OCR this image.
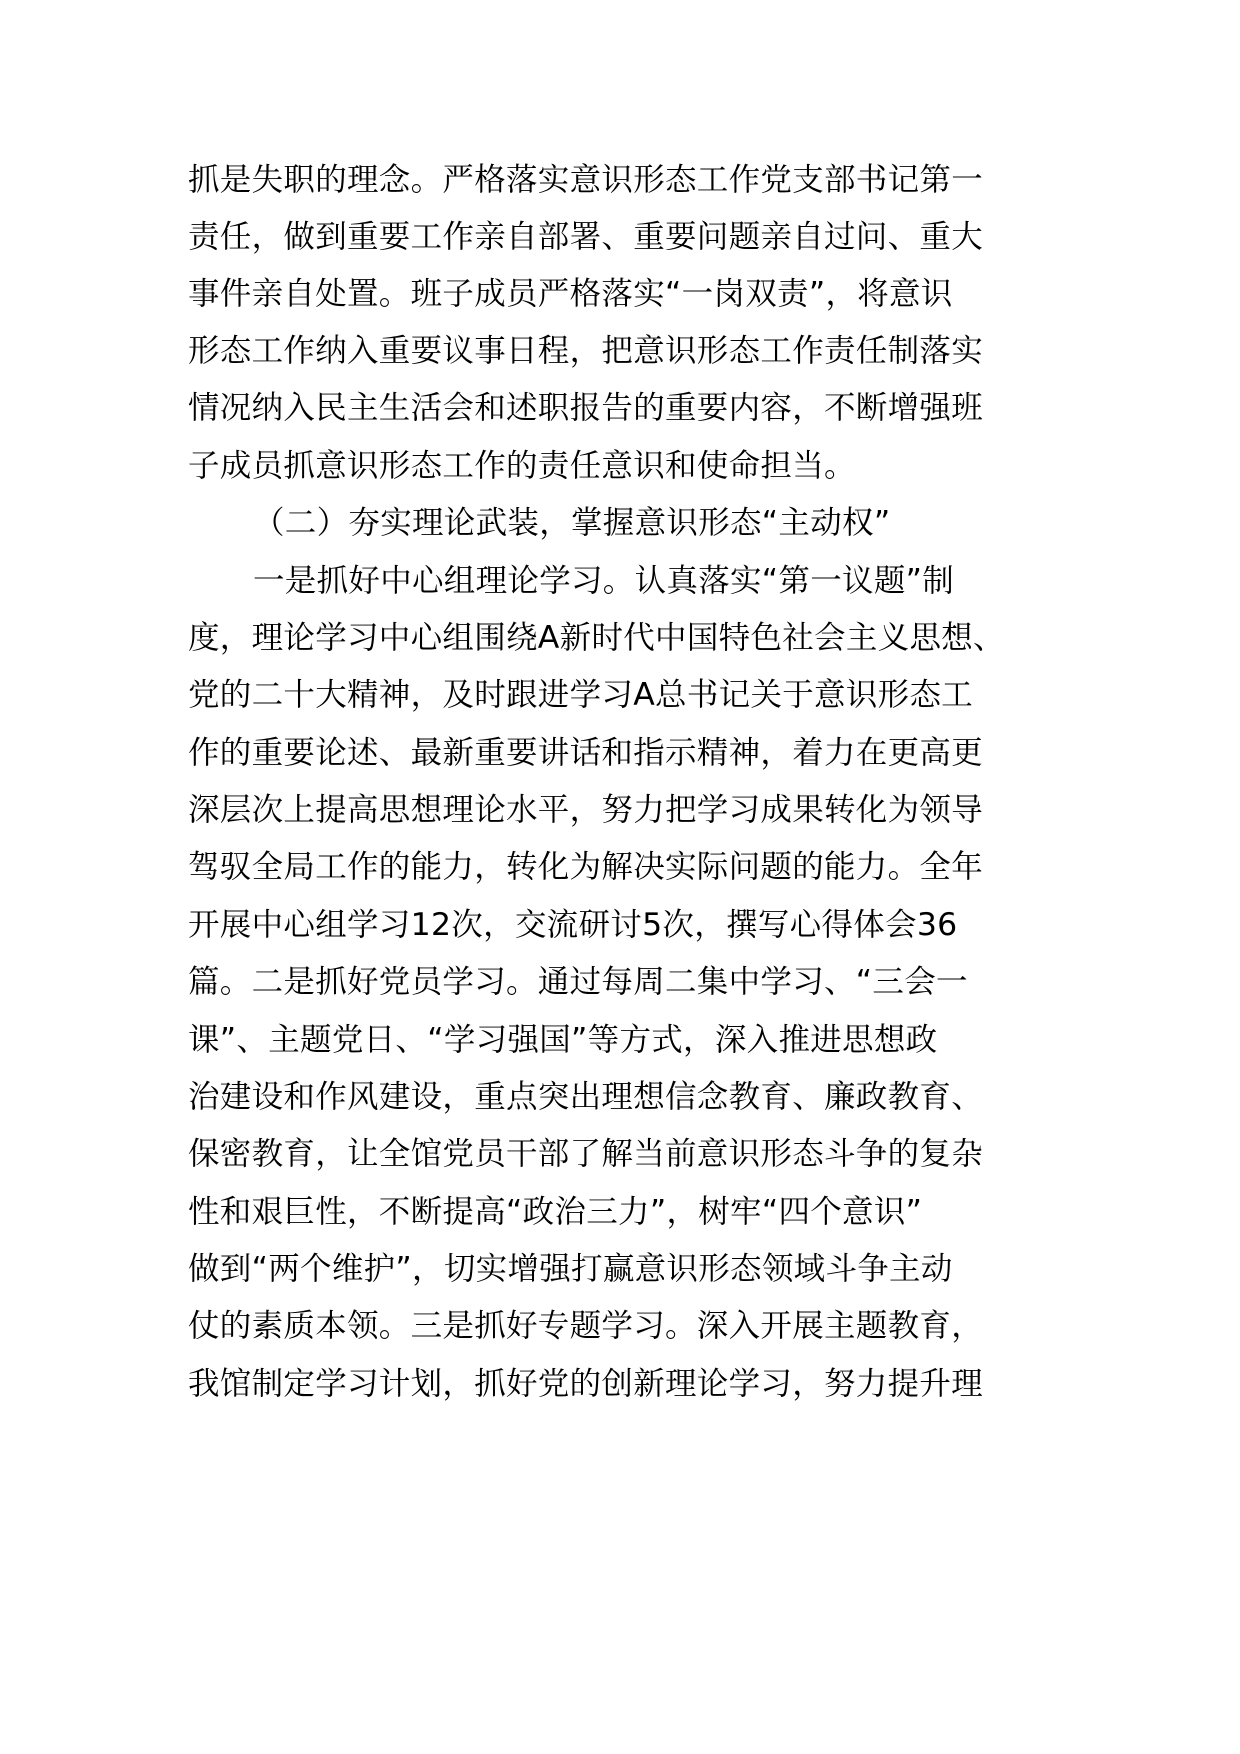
抓是失职的理念。严格落实意识形态工作党支部书记第一
责任，做到重要工作亲自部署、重要问题亲自过问、重大
事件亲自处置。班子成员严格落实“一岗双责”，将意识
形态工作纳入重要议事日程，把意识形态工作责任制落实
情况纳入民主生活会和述职报告的重要内容，不断增强班
子成员抓意识形态工作的责任意识和使命担当。
（二）夯实理论武装，掌握意识形态“主动权”
一是抓好中心组理论学习。认真落实“第一议题”制
度，理论学习中心组围绕A新时代中国特色社会主义思想、
党的二十大精神，及时跟进学习A总书记关于意识形态工
作的重要论述、最新重要讲话和指示精神，着力在更高更
深层次上提高思想理论水平，努力把学习成果转化为领导
驾驭全局工作的能力，转化为解决实际问题的能力。全年
开展中心组学习12次，交流研讨5次，撰写心得体会36
篇。二是抓好党员学习。通过每周二集中学习、“三会一
课”、主题党日、“学习强国”等方式，深入推进思想政
治建设和作风建设，重点突出理想信念教育、廉政教育、
保密教育，让全馆党员干部了解当前意识形态斗争的复杂
性和艰巨性，不断提高“政治三力”，树牢“四个意识”
做到“两个维护”，切实增强打赢意识形态领域斗争主动
仗的素质本领。三是抓好专题学习。深入开展主题教育，
我馆制定学习计划，抓好党的创新理论学习，努力提升理
